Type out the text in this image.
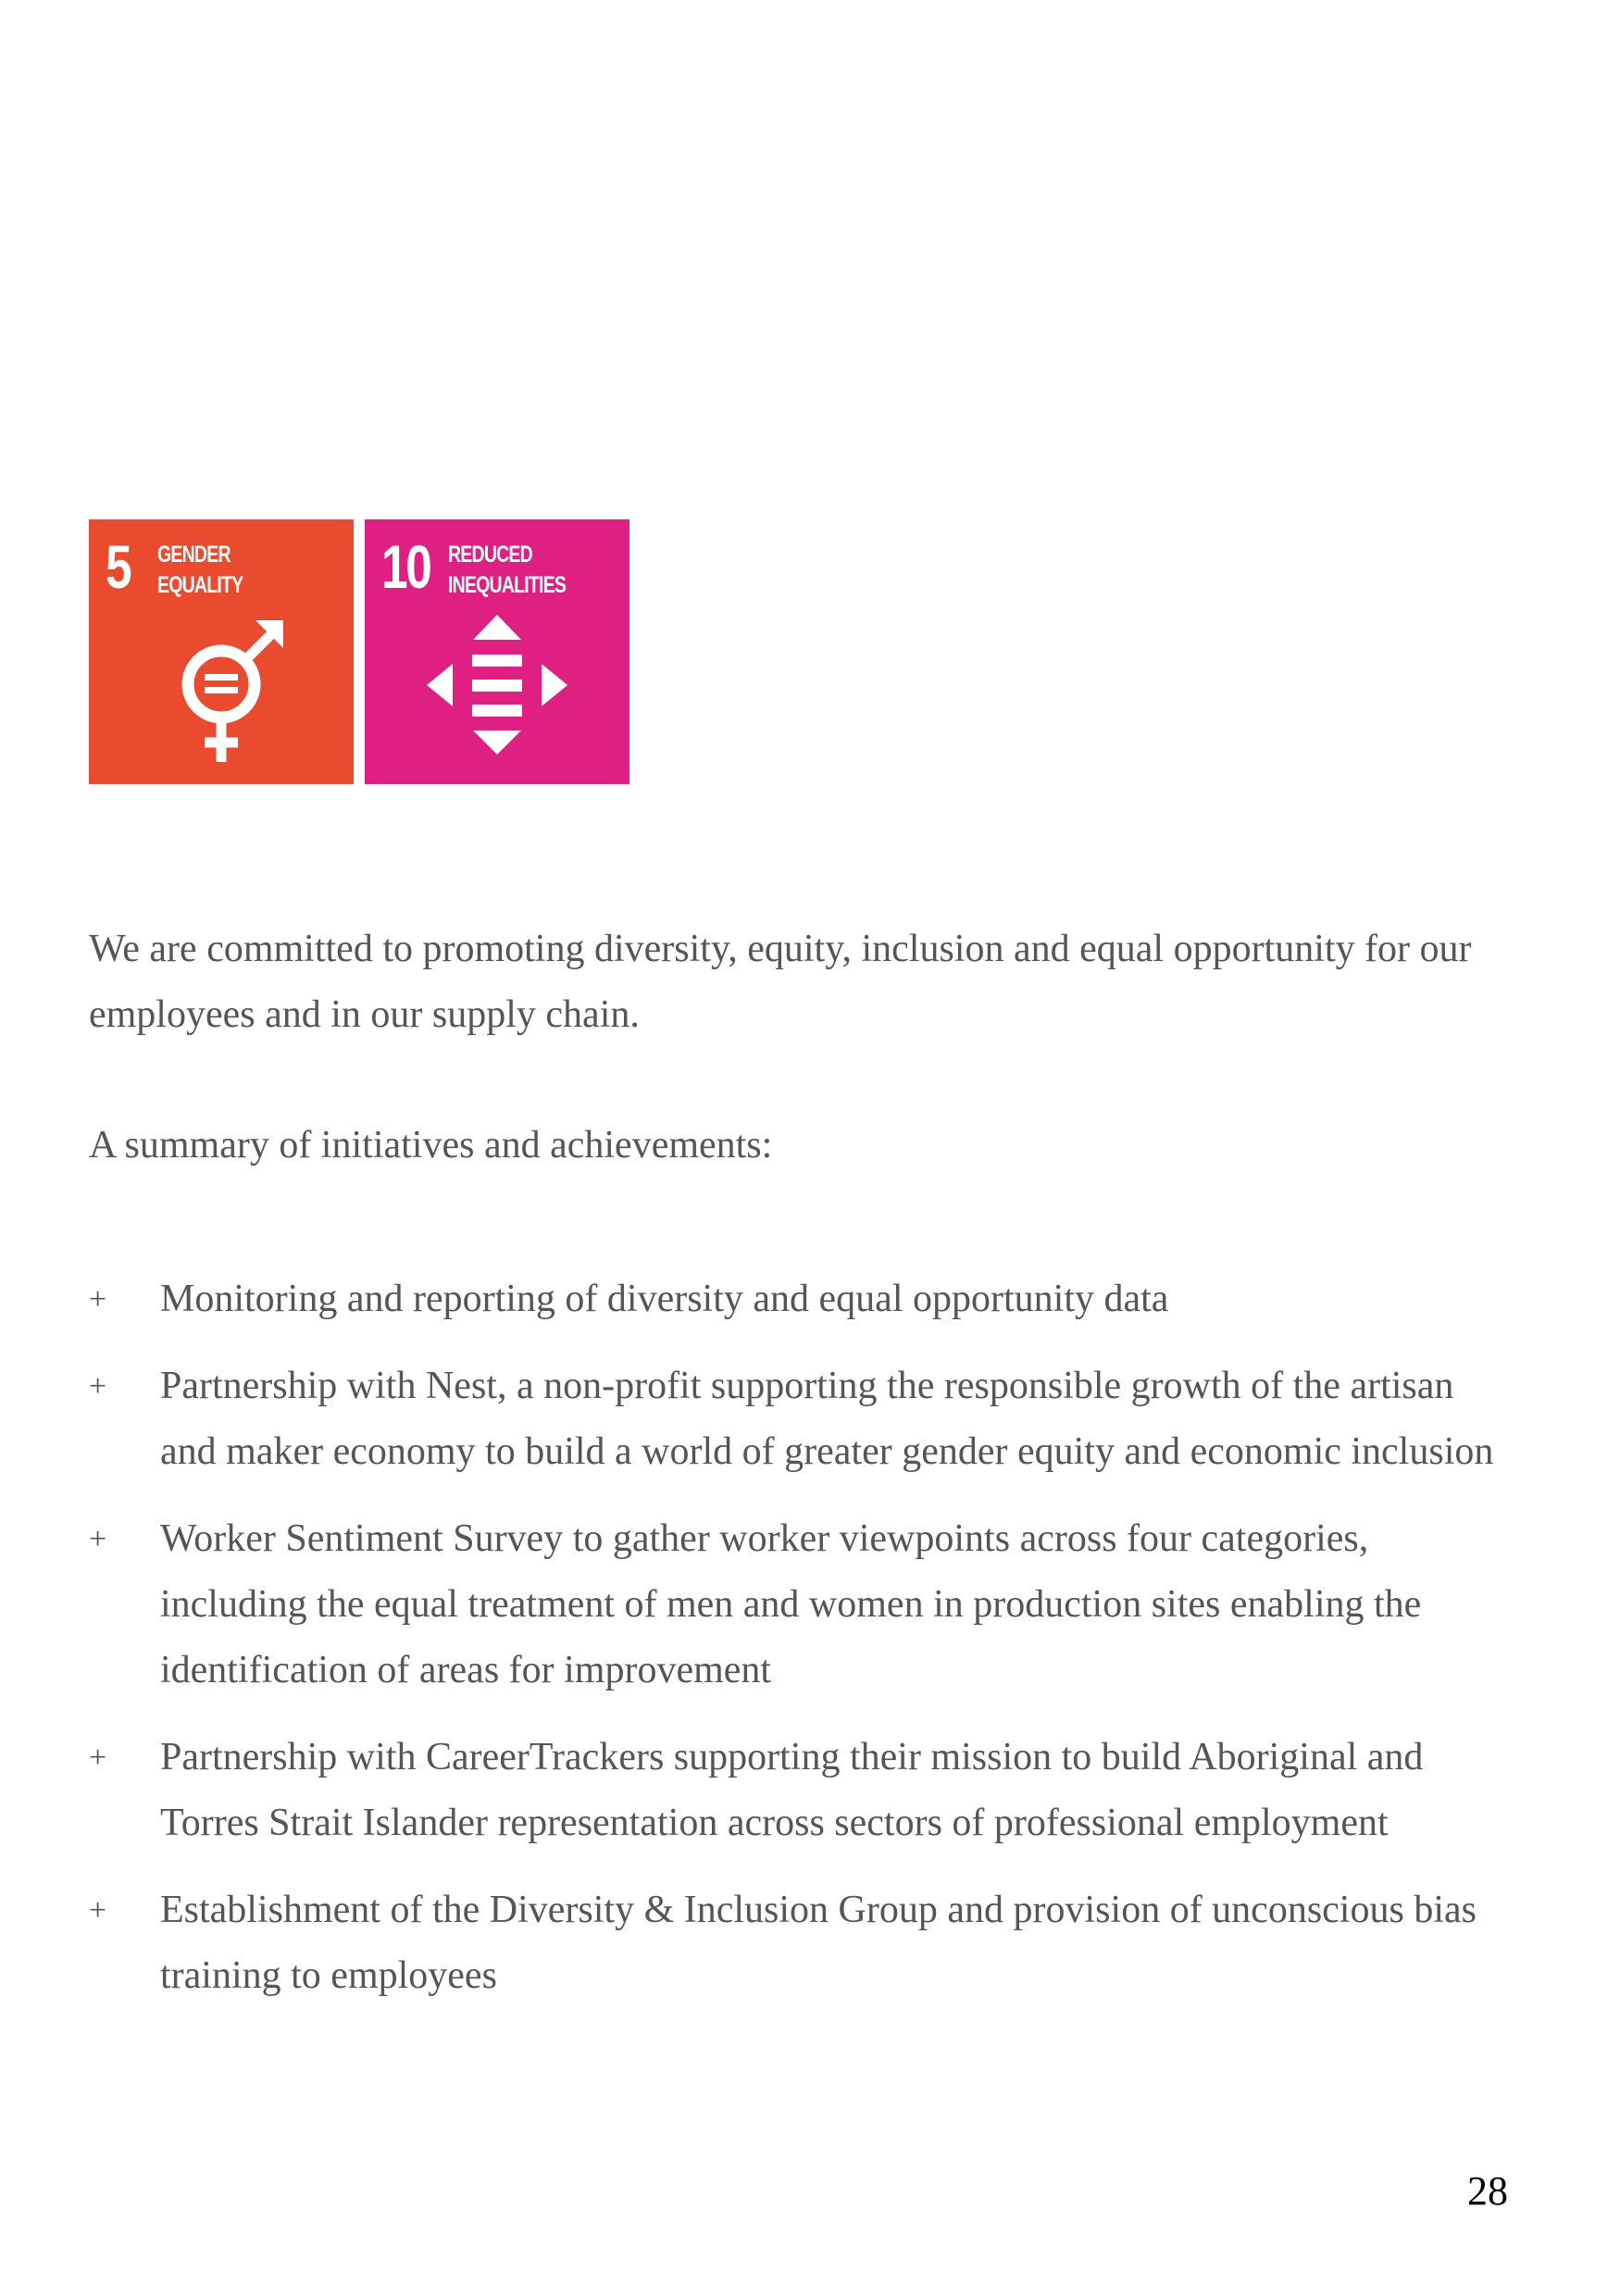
5 GENDER
EQUALITY 10 REDUCED
INEQUALITIES

We are committed to promoting diversity, equity, inclusion and equal opportunity for our employees and in our supply chain.

A summary of initiatives and achievements:

+ Monitoring and reporting of diversity and equal opportunity data
+ Partnership with Nest, a non-profit supporting the responsible growth of the artisan and maker economy to build a world of greater gender equity and economic inclusion
+ Worker Sentiment Survey to gather worker viewpoints across four categories, including the equal treatment of men and women in production sites enabling the identification of areas for improvement
+ Partnership with CareerTrackers supporting their mission to build Aboriginal and Torres Strait Islander representation across sectors of professional employment
+ Establishment of the Diversity & Inclusion Group and provision of unconscious bias training to employees
28
